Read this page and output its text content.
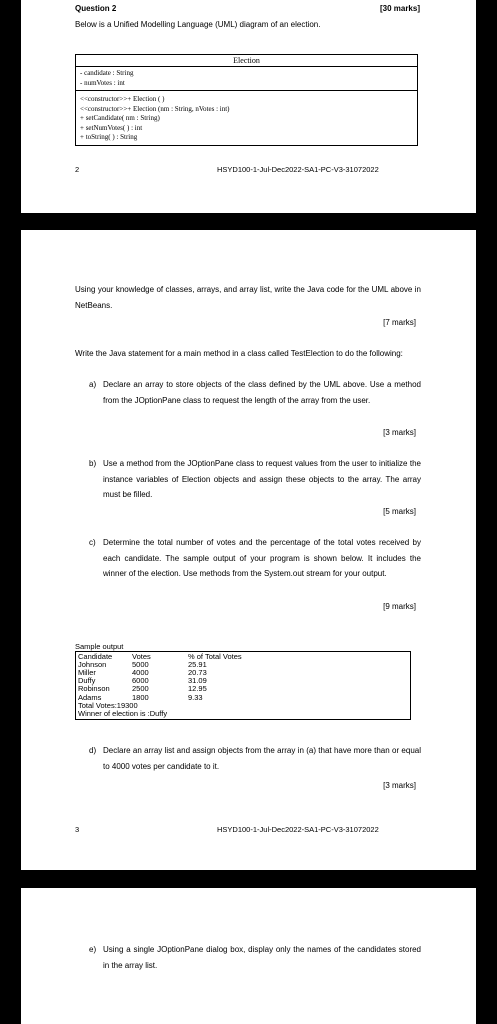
Question 2	[30 marks]
Below is a Unified Modelling Language (UML) diagram of an election.
Election
- candidate : String
- numVotes : int
<<constructor>>+ Election ( )
<<constructor>>+ Election (nm : String, nVotes : int)
+ setCandidate( nm : String)
+ setNumVotes( ) : int
+ toString( ) : String
2	HSYD100-1-Jul-Dec2022-SA1-PC-V3-31072022
Using your knowledge of classes, arrays, and array list, write the Java code for the UML above in NetBeans.
[7 marks]
Write the Java statement for a main method in a class called TestElection to do the following:
a) Declare an array to store objects of the class defined by the UML above. Use a method from the JOptionPane class to request the length of the array from the user.
[3 marks]
b) Use a method from the JOptionPane class to request values from the user to initialize the instance variables of Election objects and assign these objects to the array. The array must be filled.
[5 marks]
c) Determine the total number of votes and the percentage of the total votes received by each candidate. The sample output of your program is shown below. It includes the winner of the election. Use methods from the System.out stream for your output.
[9 marks]
Sample output
Candidate	Votes	% of Total Votes
Johnson	5000	25.91
Miller	4000	20.73
Duffy	6000	31.09
Robinson	2500	12.95
Adams	1800	9.33
Total Votes:19300
Winner of election is :Duffy
d) Declare an array list and assign objects from the array in (a) that have more than or equal to 4000 votes per candidate to it.
[3 marks]
3	HSYD100-1-Jul-Dec2022-SA1-PC-V3-31072022
e) Using a single JOptionPane dialog box, display only the names of the candidates stored in the array list.
